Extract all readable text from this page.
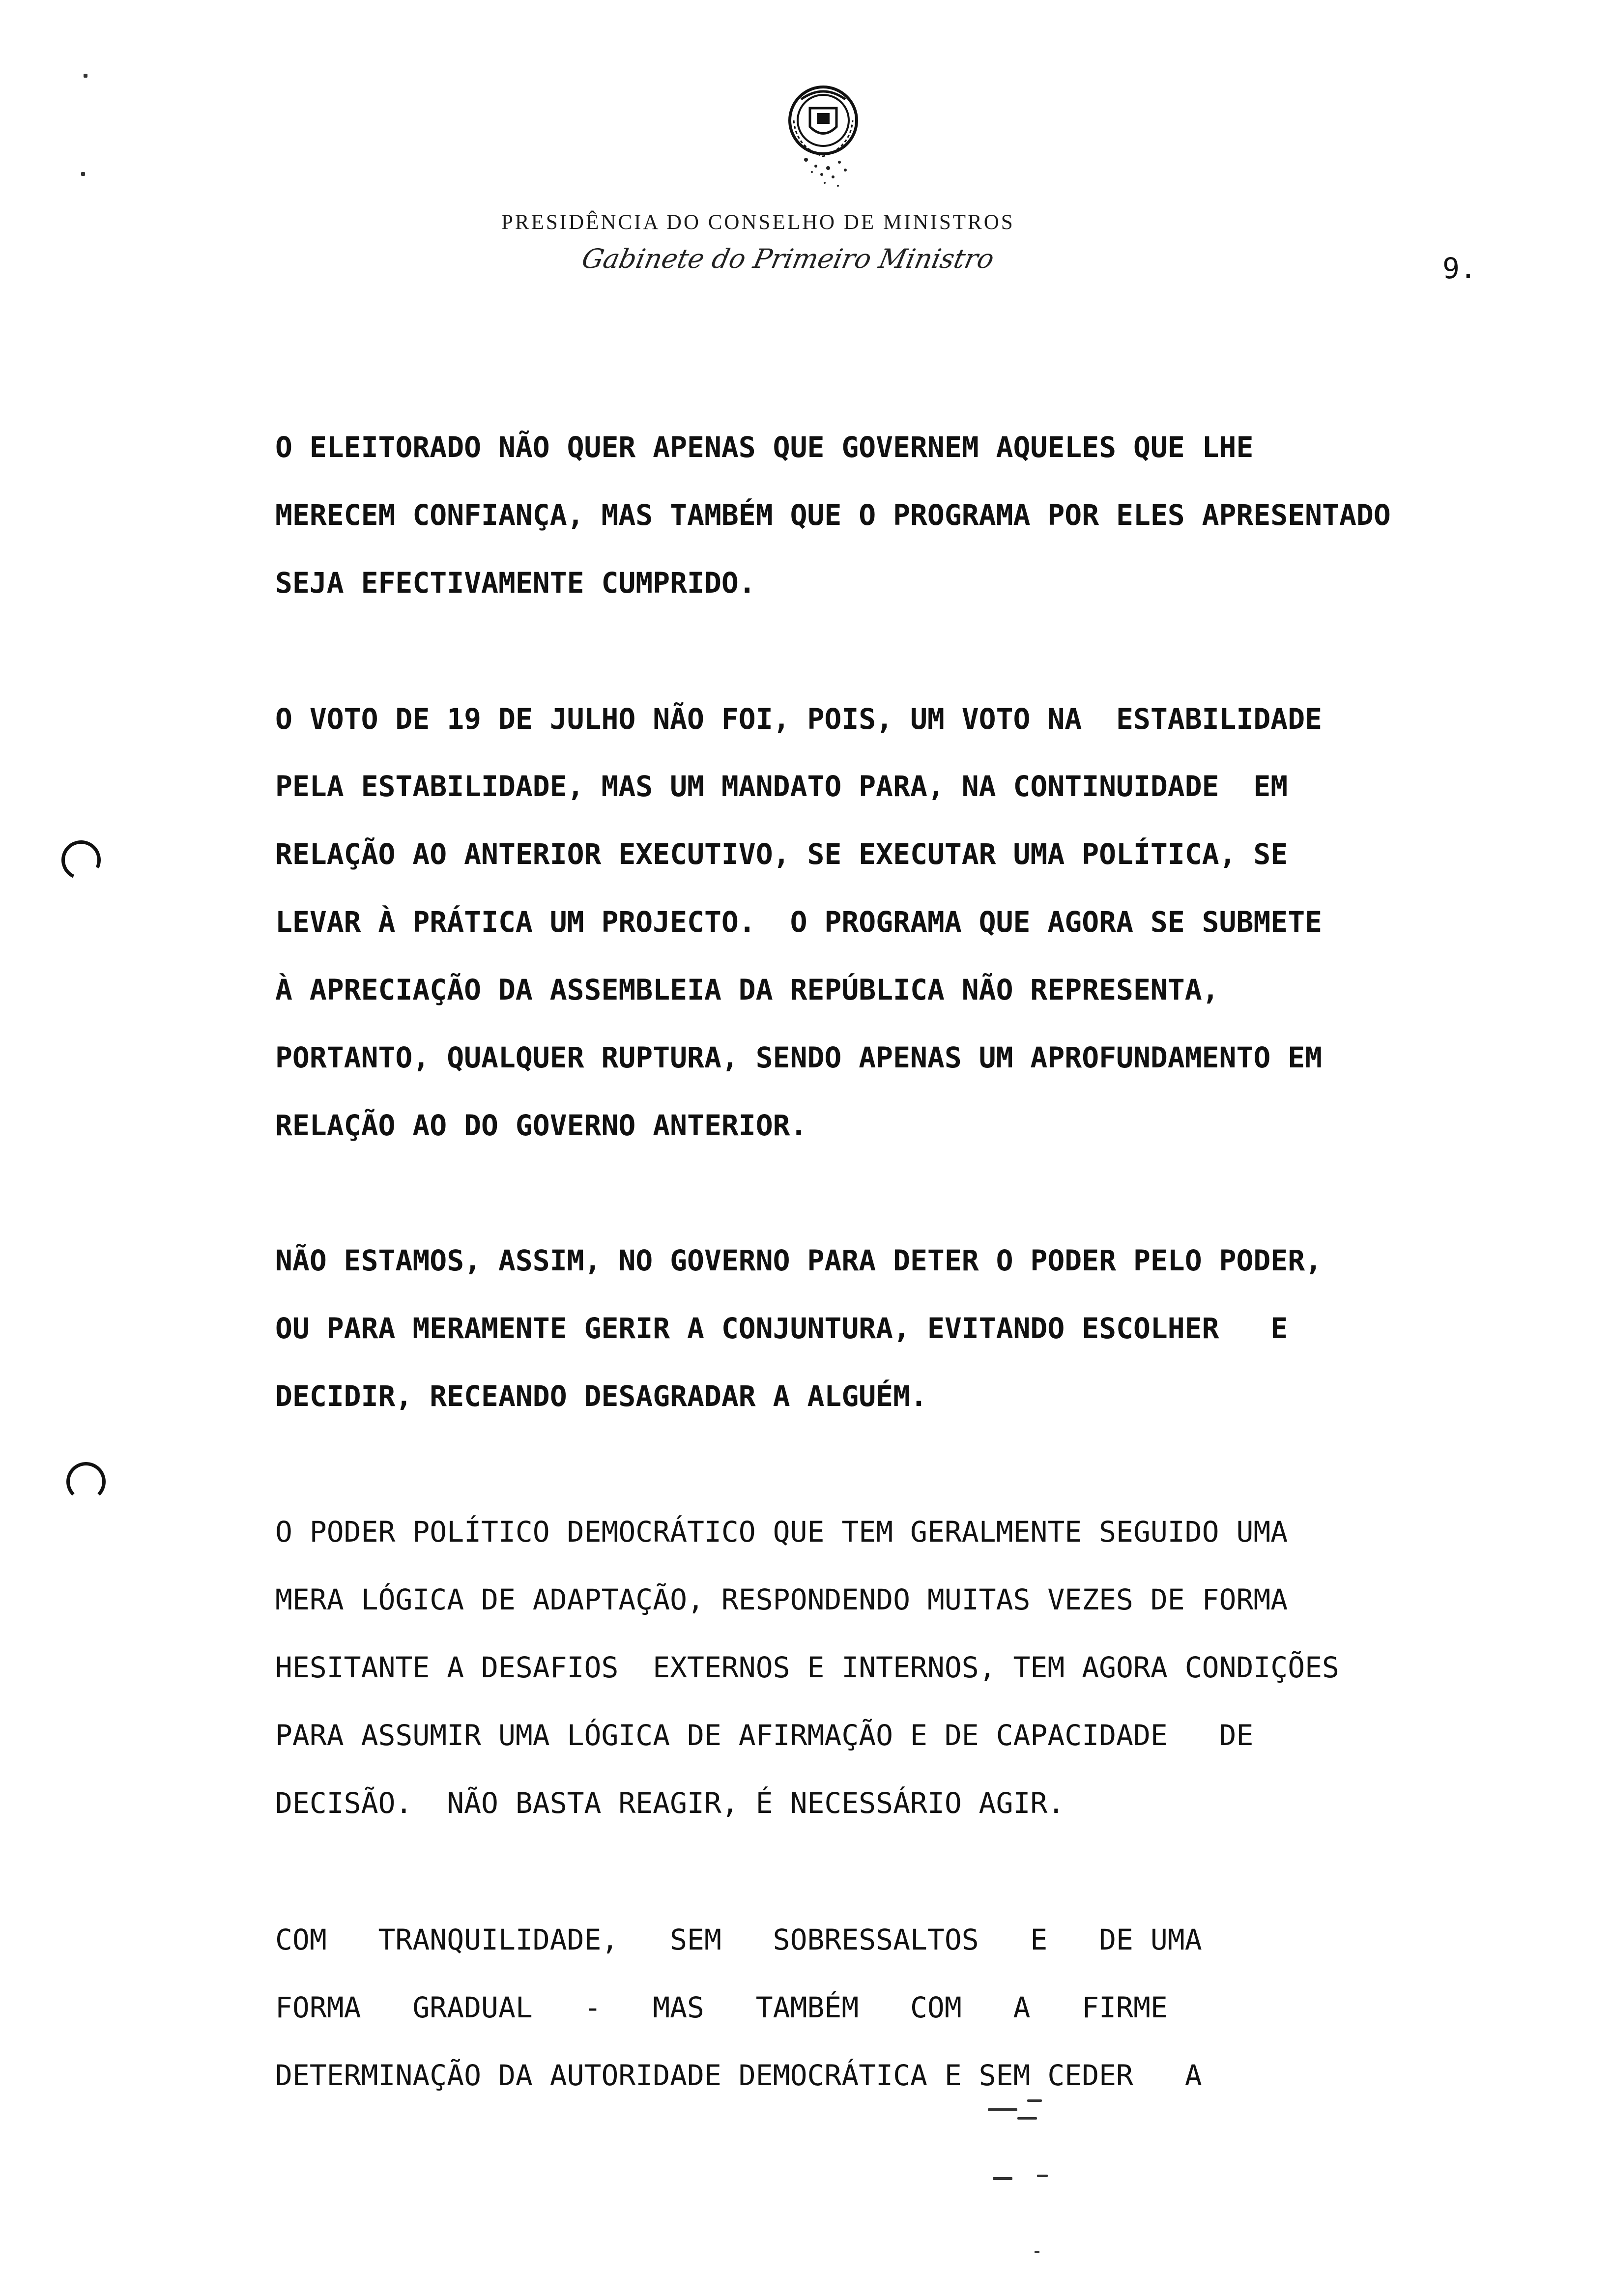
PRESIDÊNCIA DO CONSELHO DE MINISTROS
Gabinete do Primeiro Ministro	9.
O ELEITORADO NÃO QUER APENAS QUE GOVERNEM AQUELES QUE LHE
MERECEM CONFIANÇA, MAS TAMBÉM QUE O PROGRAMA POR ELES APRESENTADO
SEJA EFECTIVAMENTE CUMPRIDO.
O VOTO DE 19 DE JULHO NÃO FOI, POIS, UM VOTO NA  ESTABILIDADE
PELA ESTABILIDADE, MAS UM MANDATO PARA, NA CONTINUIDADE  EM
RELAÇÃO AO ANTERIOR EXECUTIVO, SE EXECUTAR UMA POLÍTICA, SE
LEVAR À PRÁTICA UM PROJECTO.  O PROGRAMA QUE AGORA SE SUBMETE
À APRECIAÇÃO DA ASSEMBLEIA DA REPÚBLICA NÃO REPRESENTA,
PORTANTO, QUALQUER RUPTURA, SENDO APENAS UM APROFUNDAMENTO EM
RELAÇÃO AO DO GOVERNO ANTERIOR.
NÃO ESTAMOS, ASSIM, NO GOVERNO PARA DETER O PODER PELO PODER,
OU PARA MERAMENTE GERIR A CONJUNTURA, EVITANDO ESCOLHER   E
DECIDIR, RECEANDO DESAGRADAR A ALGUÉM.
O PODER POLÍTICO DEMOCRÁTICO QUE TEM GERALMENTE SEGUIDO UMA
MERA LÓGICA DE ADAPTAÇÃO, RESPONDENDO MUITAS VEZES DE FORMA
HESITANTE A DESAFIOS  EXTERNOS E INTERNOS, TEM AGORA CONDIÇÕES
PARA ASSUMIR UMA LÓGICA DE AFIRMAÇÃO E DE CAPACIDADE   DE
DECISÃO.  NÃO BASTA REAGIR, É NECESSÁRIO AGIR.
COM   TRANQUILIDADE,   SEM   SOBRESSALTOS   E   DE UMA
FORMA   GRADUAL   -   MAS   TAMBÉM   COM   A   FIRME
DETERMINAÇÃO DA AUTORIDADE DEMOCRÁTICA E SEM CEDER   A
